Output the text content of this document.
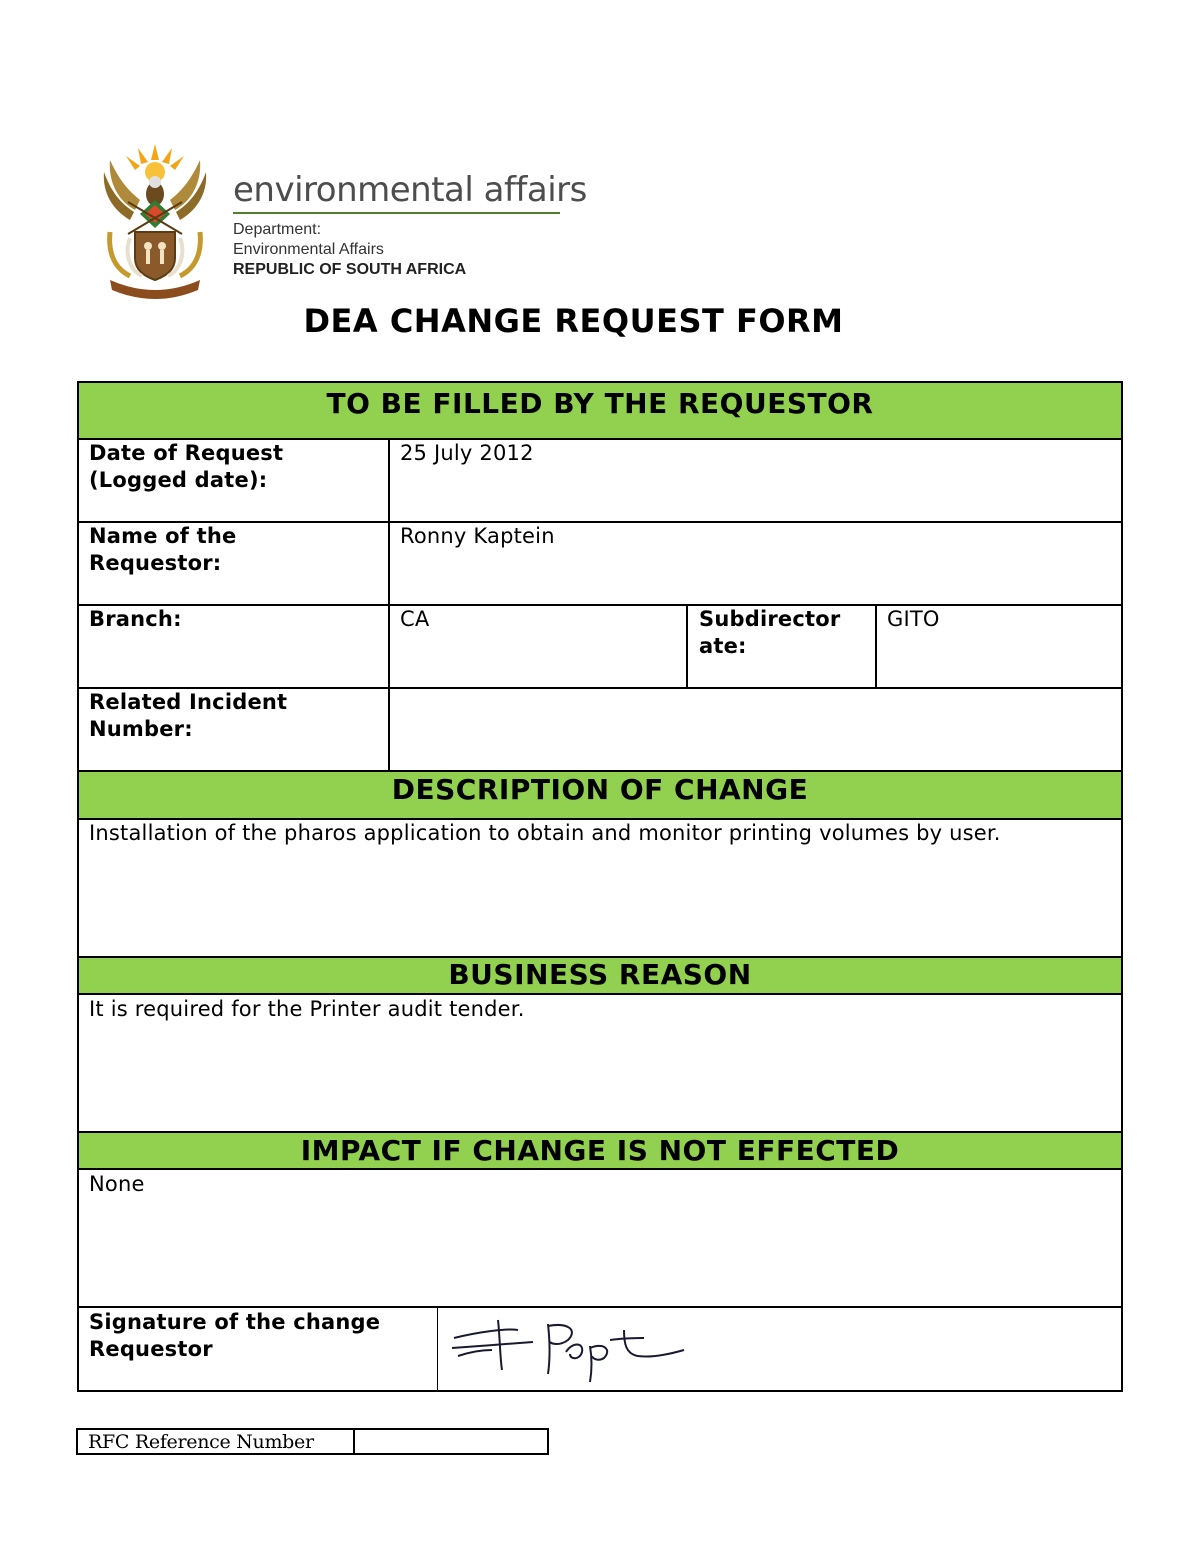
environmental affairs
Department:
Environmental Affairs
REPUBLIC OF SOUTH AFRICA
DEA CHANGE REQUEST FORM
TO BE FILLED BY THE REQUESTOR
Date of Request
(Logged date):
25 July 2012
Name of the
Requestor:
Ronny Kaptein
Branch:	CA	Subdirector
ate:
GITO
Related Incident
Number:
DESCRIPTION OF CHANGE
Installation of the pharos application to obtain and monitor printing volumes by user.
BUSINESS REASON
It is required for the Printer audit tender.
IMPACT IF CHANGE IS NOT EFFECTED
None
Signature of the change
Requestor
RFC Reference Number
